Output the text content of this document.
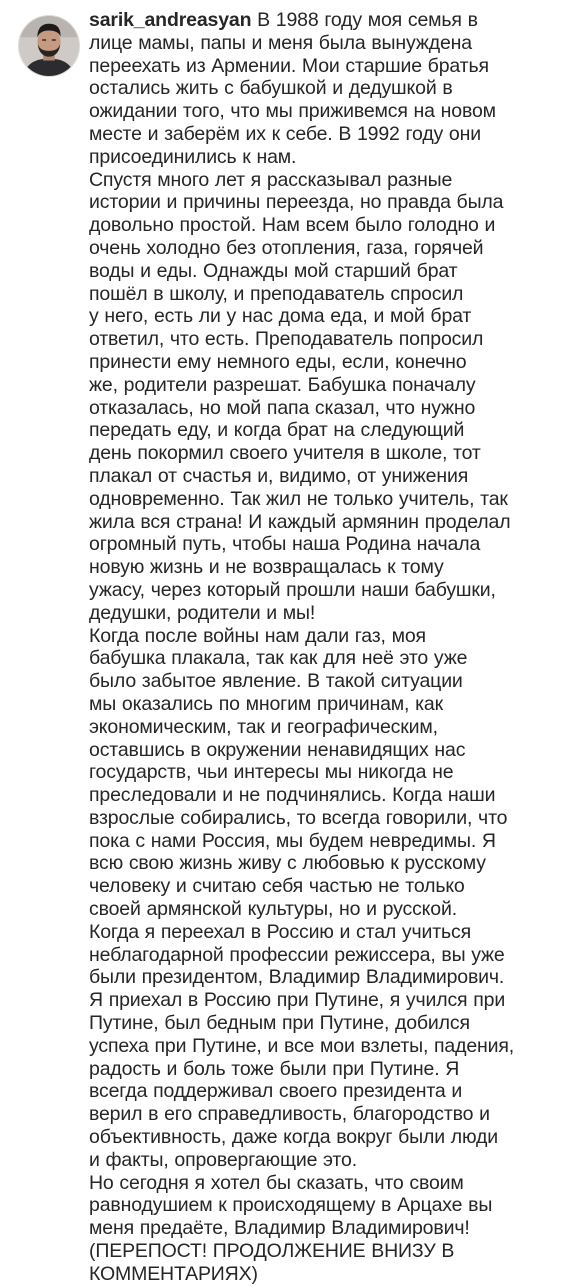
sarik_andreasyan В 1988 году моя семья в
лице мамы, папы и меня была вынуждена
переехать из Армении. Мои старшие братья
остались жить с бабушкой и дедушкой в
ожидании того, что мы приживемся на новом
месте и заберём их к себе. В 1992 году они
присоединились к нам.
Спустя много лет я рассказывал разные
истории и причины переезда, но правда была
довольно простой. Нам всем было голодно и
очень холодно без отопления, газа, горячей
воды и еды. Однажды мой старший брат
пошёл в школу, и преподаватель спросил
у него, есть ли у нас дома еда, и мой брат
ответил, что есть. Преподаватель попросил
принести ему немного еды, если, конечно
же, родители разрешат. Бабушка поначалу
отказалась, но мой папа сказал, что нужно
передать еду, и когда брат на следующий
день покормил своего учителя в школе, тот
плакал от счастья и, видимо, от унижения
одновременно. Так жил не только учитель, так
жила вся страна! И каждый армянин проделал
огромный путь, чтобы наша Родина начала
новую жизнь и не возвращалась к тому
ужасу, через который прошли наши бабушки,
дедушки, родители и мы!
Когда после войны нам дали газ, моя
бабушка плакала, так как для неё это уже
было забытое явление. В такой ситуации
мы оказались по многим причинам, как
экономическим, так и географическим,
оставшись в окружении ненавидящих нас
государств, чьи интересы мы никогда не
преследовали и не подчинялись. Когда наши
взрослые собирались, то всегда говорили, что
пока с нами Россия, мы будем невредимы. Я
всю свою жизнь живу с любовью к русскому
человеку и считаю себя частью не только
своей армянской культуры, но и русской.
Когда я переехал в Россию и стал учиться
неблагодарной профессии режиссера, вы уже
были президентом, Владимир Владимирович.
Я приехал в Россию при Путине, я учился при
Путине, был бедным при Путине, добился
успеха при Путине, и все мои взлеты, падения,
радость и боль тоже были при Путине. Я
всегда поддерживал своего президента и
верил в его справедливость, благородство и
объективность, даже когда вокруг были люди
и факты, опровергающие это.
Но сегодня я хотел бы сказать, что своим
равнодушием к происходящему в Арцахе вы
меня предаёте, Владимир Владимирович!
(ПЕРЕПОСТ! ПРОДОЛЖЕНИЕ ВНИЗУ В
КОММЕНТАРИЯХ)
